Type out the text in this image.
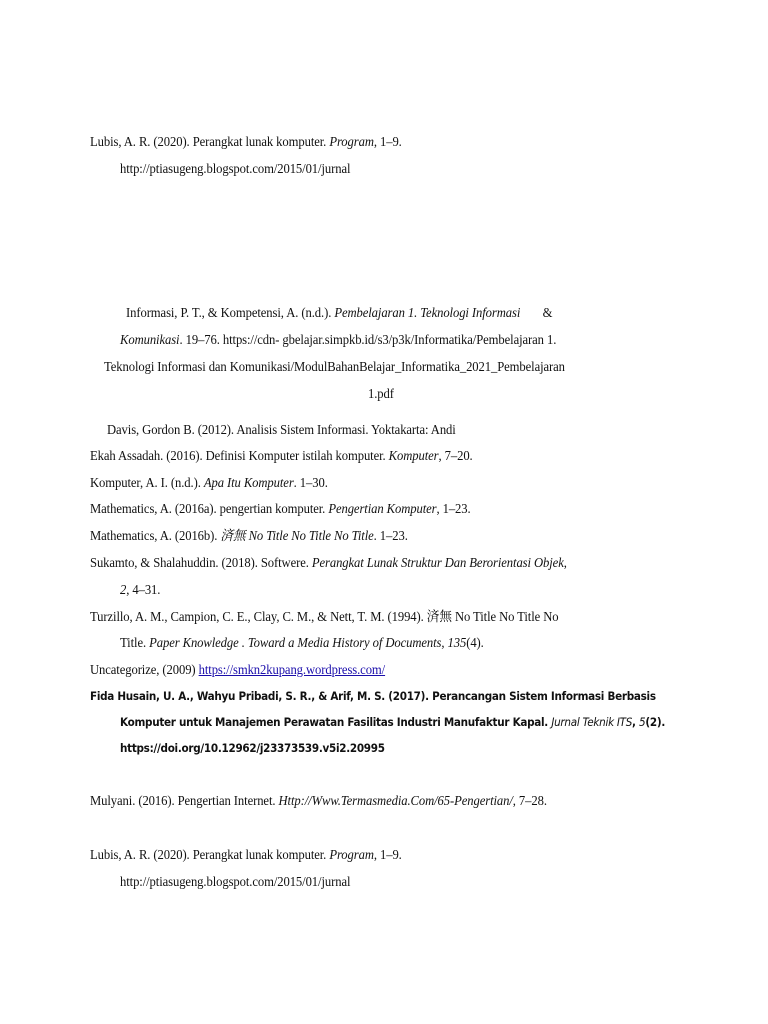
Lubis, A. R. (2020). Perangkat lunak komputer. Program, 1–9.
http://ptiasugeng.blogspot.com/2015/01/jurnal
Informasi, P. T., & Kompetensi, A. (n.d.). Pembelajaran 1. Teknologi Informasi &
Komunikasi. 19–76. https://cdn- gbelajar.simpkb.id/s3/p3k/Informatika/Pembelajaran 1.
Teknologi Informasi dan Komunikasi/ModulBahanBelajar_Informatika_2021_Pembelajaran
1.pdf
Davis, Gordon B. (2012). Analisis Sistem Informasi. Yoktakarta: Andi
Ekah Assadah. (2016). Definisi Komputer istilah komputer. Komputer, 7–20.
Komputer, A. I. (n.d.). Apa Itu Komputer. 1–30.
Mathematics, A. (2016a). pengertian komputer. Pengertian Komputer, 1–23.
Mathematics, A. (2016b). 済無 No Title No Title No Title. 1–23.
Sukamto, & Shalahuddin. (2018). Softwere. Perangkat Lunak Struktur Dan Berorientasi Objek,
2, 4–31.
Turzillo, A. M., Campion, C. E., Clay, C. M., & Nett, T. M. (1994). 済無 No Title No Title No
Title. Paper Knowledge . Toward a Media History of Documents, 135(4).
Uncategorize, (2009) https://smkn2kupang.wordpress.com/
Fida Husain, U. A., Wahyu Pribadi, S. R., & Arif, M. S. (2017). Perancangan Sistem Informasi Berbasis
Komputer untuk Manajemen Perawatan Fasilitas Industri Manufaktur Kapal. Jurnal Teknik ITS, 5(2).
https://doi.org/10.12962/j23373539.v5i2.20995
Mulyani. (2016). Pengertian Internet. Http://Www.Termasmedia.Com/65-Pengertian/, 7–28.
Lubis, A. R. (2020). Perangkat lunak komputer. Program, 1–9.
http://ptiasugeng.blogspot.com/2015/01/jurnal
